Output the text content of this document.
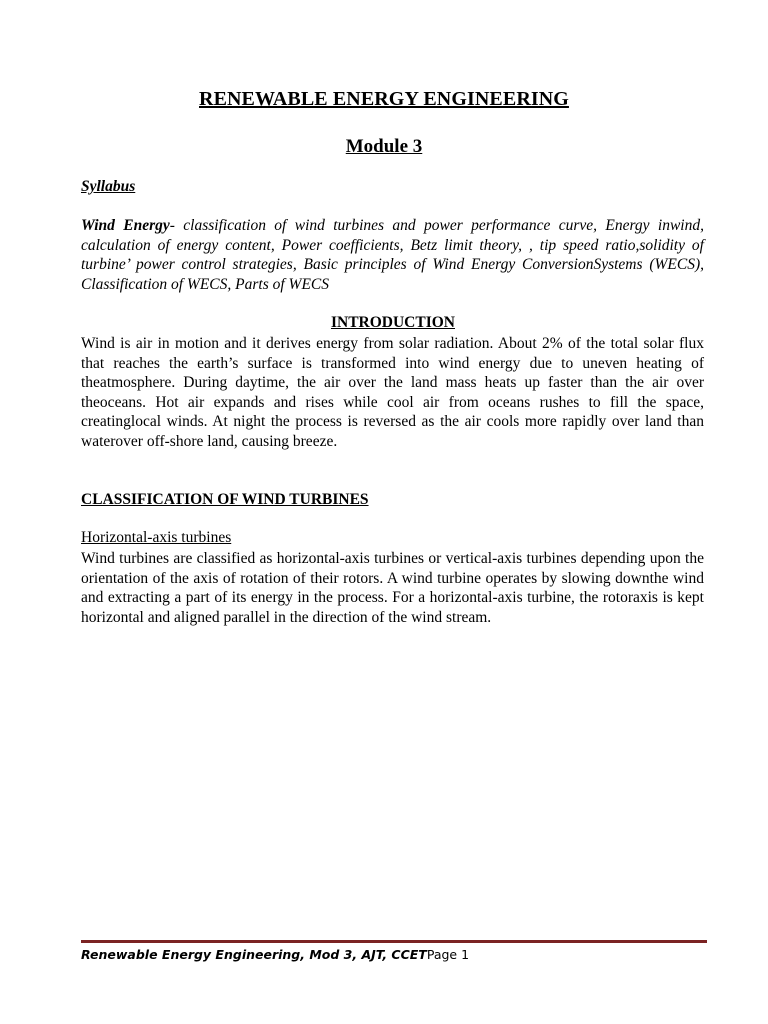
RENEWABLE ENERGY ENGINEERING
Module 3
Syllabus
Wind Energy- classification of wind turbines and power performance curve, Energy inwind, calculation of energy content, Power coefficients, Betz limit theory, , tip speed ratio,solidity of turbine’ power control strategies, Basic principles of Wind Energy ConversionSystems (WECS), Classification of WECS, Parts of WECS
INTRODUCTION
Wind is air in motion and it derives energy from solar radiation. About 2% of the total solar flux that reaches the earth’s surface is transformed into wind energy due to uneven heating of theatmosphere. During daytime, the air over the land mass heats up faster than the air over theoceans. Hot air expands and rises while cool air from oceans rushes to fill the space, creatinglocal winds. At night the process is reversed as the air cools more rapidly over land than waterover off-shore land, causing breeze.
CLASSIFICATION OF WIND TURBINES
Horizontal-axis turbines
Wind turbines are classified as horizontal-axis turbines or vertical-axis turbines depending upon the orientation of the axis of rotation of their rotors. A wind turbine operates by slowing downthe wind and extracting a part of its energy in the process. For a horizontal-axis turbine, the rotoraxis is kept horizontal and aligned parallel in the direction of the wind stream.
Renewable Energy Engineering, Mod 3, AJT, CCETPage 1
